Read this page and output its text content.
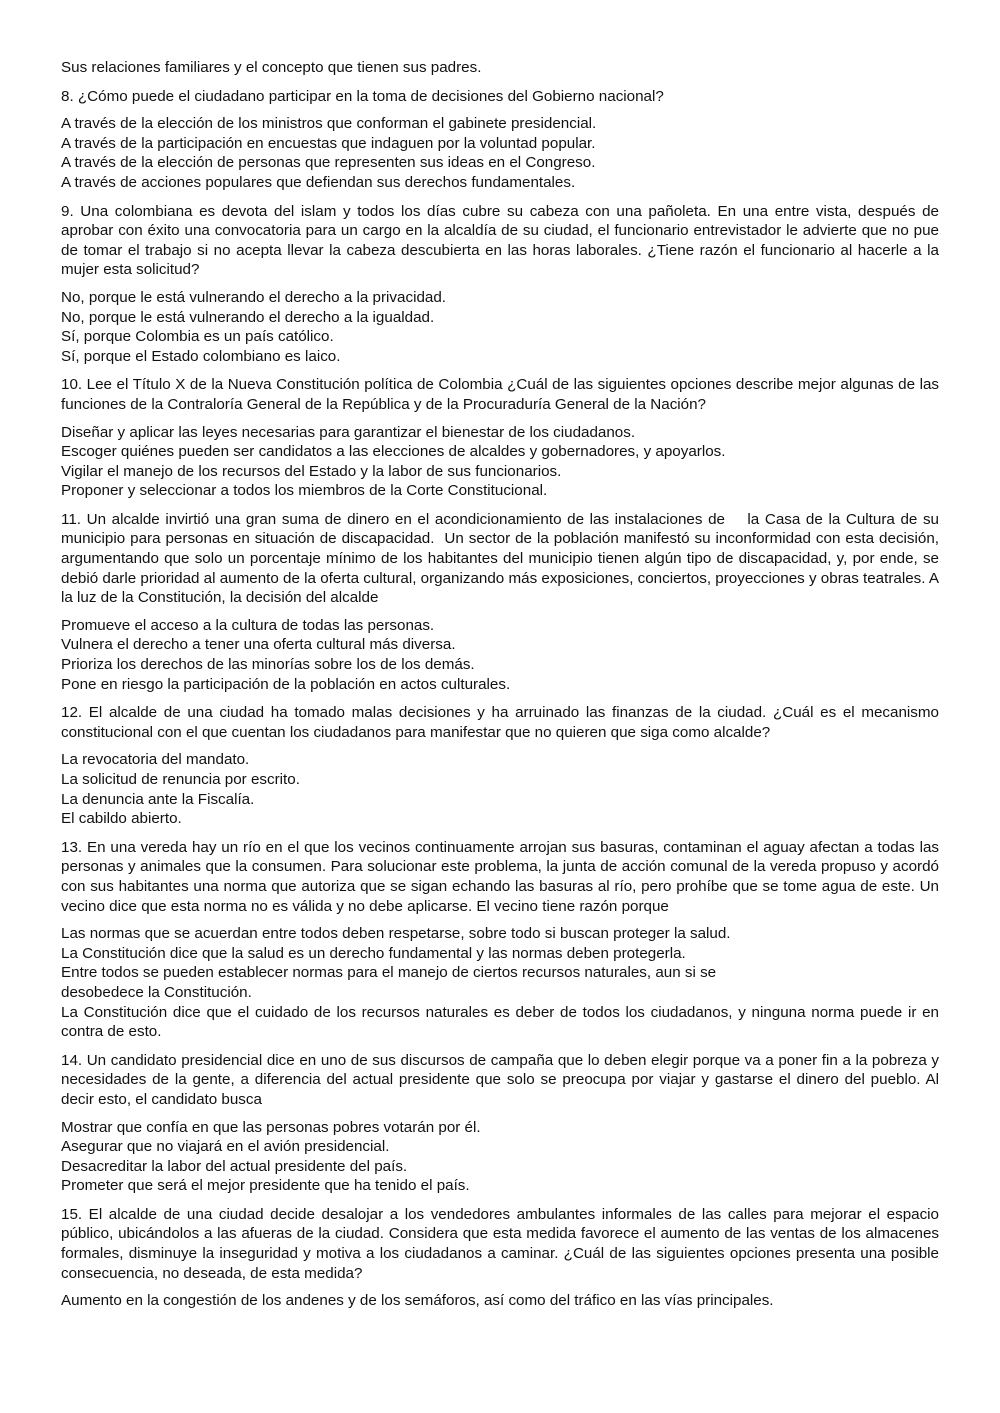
Sus relaciones familiares y el concepto que tienen sus padres.

8. ¿Cómo puede el ciudadano participar en la toma de decisiones del Gobierno nacional?

A través de la elección de los ministros que conforman el gabinete presidencial.
A través de la participación en encuestas que indaguen por la voluntad popular.
A través de la elección de personas que representen sus ideas en el Congreso.
A través de acciones populares que defiendan sus derechos fundamentales.

9. Una colombiana es devota del islam y todos los días cubre su cabeza con una pañoleta. En una entre vista, después de aprobar con éxito una convocatoria para un cargo en la alcaldía de su ciudad, el funcionario entrevistador le advierte que no pue de tomar el trabajo si no acepta llevar la cabeza descubierta en las horas laborales. ¿Tiene razón el funcionario al hacerle a la mujer esta solicitud?

No, porque le está vulnerando el derecho a la privacidad.
No, porque le está vulnerando el derecho a la igualdad.
Sí, porque Colombia es un país católico.
Sí, porque el Estado colombiano es laico.

10. Lee el Título X de la Nueva Constitución política de Colombia ¿Cuál de las siguientes opciones describe mejor algunas de las funciones de la Contraloría General de la República y de la Procuraduría General de la Nación?

Diseñar y aplicar las leyes necesarias para garantizar el bienestar de los ciudadanos.
Escoger quiénes pueden ser candidatos a las elecciones de alcaldes y gobernadores, y apoyarlos.
Vigilar el manejo de los recursos del Estado y la labor de sus funcionarios.
Proponer y seleccionar a todos los miembros de la Corte Constitucional.

11. Un alcalde invirtió una gran suma de dinero en el acondicionamiento de las instalaciones de    la Casa de la Cultura de su municipio para personas en situación de discapacidad.  Un sector de la población manifestó su inconformidad con esta decisión, argumentando que solo un porcentaje mínimo de los habitantes del municipio tienen algún tipo de discapacidad, y, por ende, se debió darle prioridad al aumento de la oferta cultural, organizando más exposiciones, conciertos, proyecciones y obras teatrales. A la luz de la Constitución, la decisión del alcalde

Promueve el acceso a la cultura de todas las personas.
Vulnera el derecho a tener una oferta cultural más diversa.
Prioriza los derechos de las minorías sobre los de los demás.
Pone en riesgo la participación de la población en actos culturales.

12. El alcalde de una ciudad ha tomado malas decisiones y ha arruinado las finanzas de la ciudad. ¿Cuál es el mecanismo constitucional con el que cuentan los ciudadanos para manifestar que no quieren que siga como alcalde?

La revocatoria del mandato.
La solicitud de renuncia por escrito.
La denuncia ante la Fiscalía.
El cabildo abierto.

13. En una vereda hay un río en el que los vecinos continuamente arrojan sus basuras, contaminan el aguay afectan a todas las personas y animales que la consumen. Para solucionar este problema, la junta de acción comunal de la vereda propuso y acordó con sus habitantes una norma que autoriza que se sigan echando las basuras al río, pero prohíbe que se tome agua de este. Un vecino dice que esta norma no es válida y no debe aplicarse. El vecino tiene razón porque

Las normas que se acuerdan entre todos deben respetarse, sobre todo si buscan proteger la salud.
La Constitución dice que la salud es un derecho fundamental y las normas deben protegerla.
Entre todos se pueden establecer normas para el manejo de ciertos recursos naturales, aun si se
desobedece la Constitución.
La Constitución dice que el cuidado de los recursos naturales es deber de todos los ciudadanos, y ninguna norma puede ir en contra de esto.

14. Un candidato presidencial dice en uno de sus discursos de campaña que lo deben elegir porque va a poner fin a la pobreza y necesidades de la gente, a diferencia del actual presidente que solo se preocupa por viajar y gastarse el dinero del pueblo. Al decir esto, el candidato busca

Mostrar que confía en que las personas pobres votarán por él.
Asegurar que no viajará en el avión presidencial.
Desacreditar la labor del actual presidente del país.
Prometer que será el mejor presidente que ha tenido el país.

15. El alcalde de una ciudad decide desalojar a los vendedores ambulantes informales de las calles para mejorar el espacio público, ubicándolos a las afueras de la ciudad. Considera que esta medida favorece el aumento de las ventas de los almacenes formales, disminuye la inseguridad y motiva a los ciudadanos a caminar. ¿Cuál de las siguientes opciones presenta una posible consecuencia, no deseada, de esta medida?

Aumento en la congestión de los andenes y de los semáforos, así como del tráfico en las vías principales.
